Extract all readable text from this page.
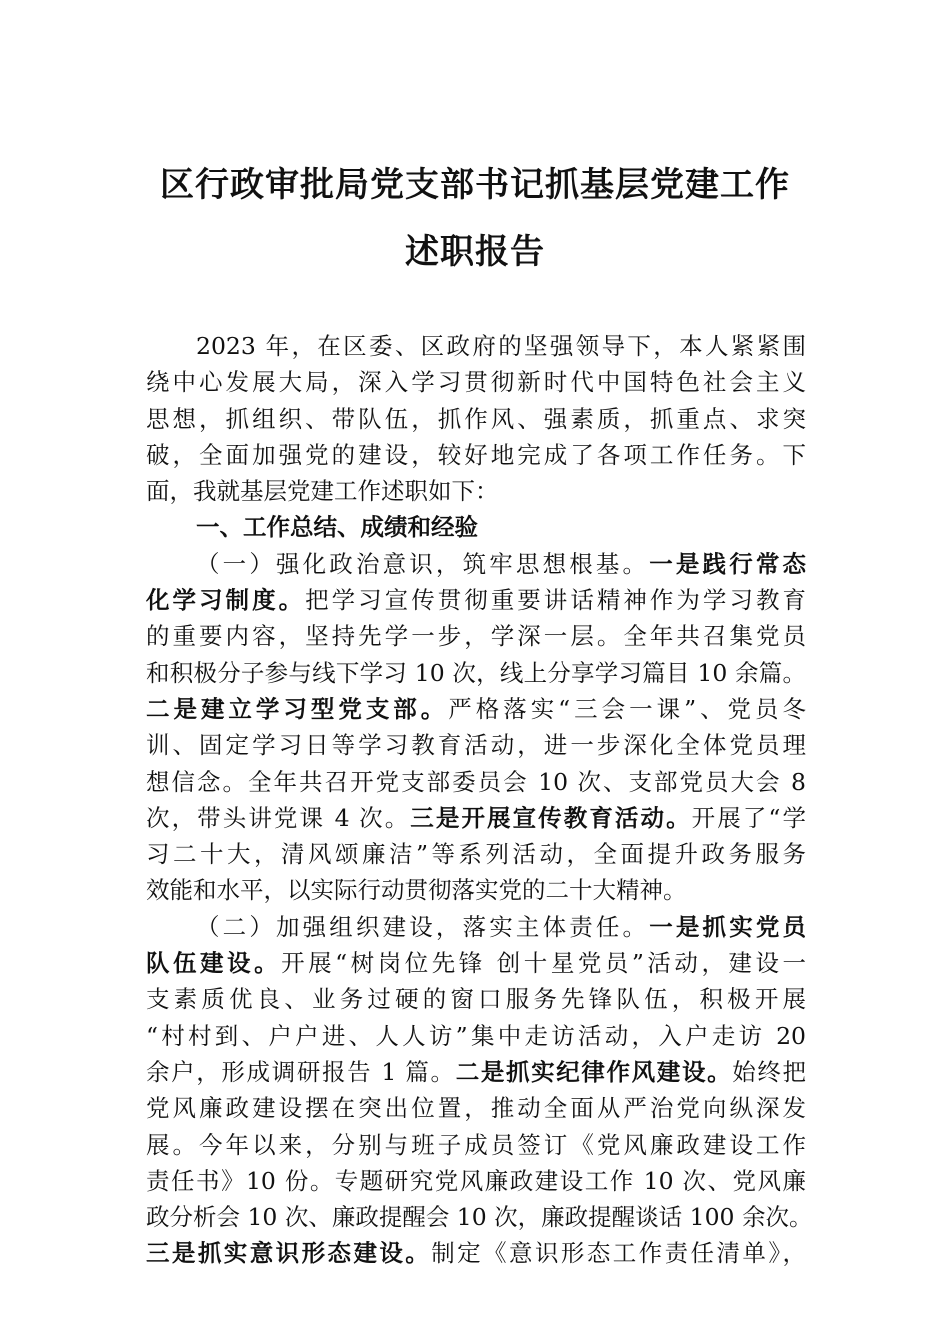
区行政审批局党支部书记抓基层党建工作
述职报告
2023 年，在区委、区政府的坚强领导下，本人紧紧围
绕中心发展大局，深入学习贯彻新时代中国特色社会主义
思想，抓组织、带队伍，抓作风、强素质，抓重点、求突
破，全面加强党的建设，较好地完成了各项工作任务。下
面，我就基层党建工作述职如下：
一、工作总结、成绩和经验
（一）强化政治意识，筑牢思想根基。一是践行常态
化学习制度。把学习宣传贯彻重要讲话精神作为学习教育
的重要内容，坚持先学一步，学深一层。全年共召集党员
和积极分子参与线下学习 10 次，线上分享学习篇目 10 余篇。
二是建立学习型党支部。严格落实“三会一课”、党员冬
训、固定学习日等学习教育活动，进一步深化全体党员理
想信念。全年共召开党支部委员会 10 次、支部党员大会 8
次，带头讲党课 4 次。三是开展宣传教育活动。开展了“学
习二十大，清风颂廉洁”等系列活动，全面提升政务服务
效能和水平，以实际行动贯彻落实党的二十大精神。
（二）加强组织建设，落实主体责任。一是抓实党员
队伍建设。开展“树岗位先锋 创十星党员”活动，建设一
支素质优良、业务过硬的窗口服务先锋队伍，积极开展
“村村到、户户进、人人访”集中走访活动，入户走访 20
余户，形成调研报告 1 篇。二是抓实纪律作风建设。始终把
党风廉政建设摆在突出位置，推动全面从严治党向纵深发
展。今年以来，分别与班子成员签订《党风廉政建设工作
责任书》10 份。专题研究党风廉政建设工作 10 次、党风廉
政分析会 10 次、廉政提醒会 10 次，廉政提醒谈话 100 余次。
三是抓实意识形态建设。制定《意识形态工作责任清单》，
